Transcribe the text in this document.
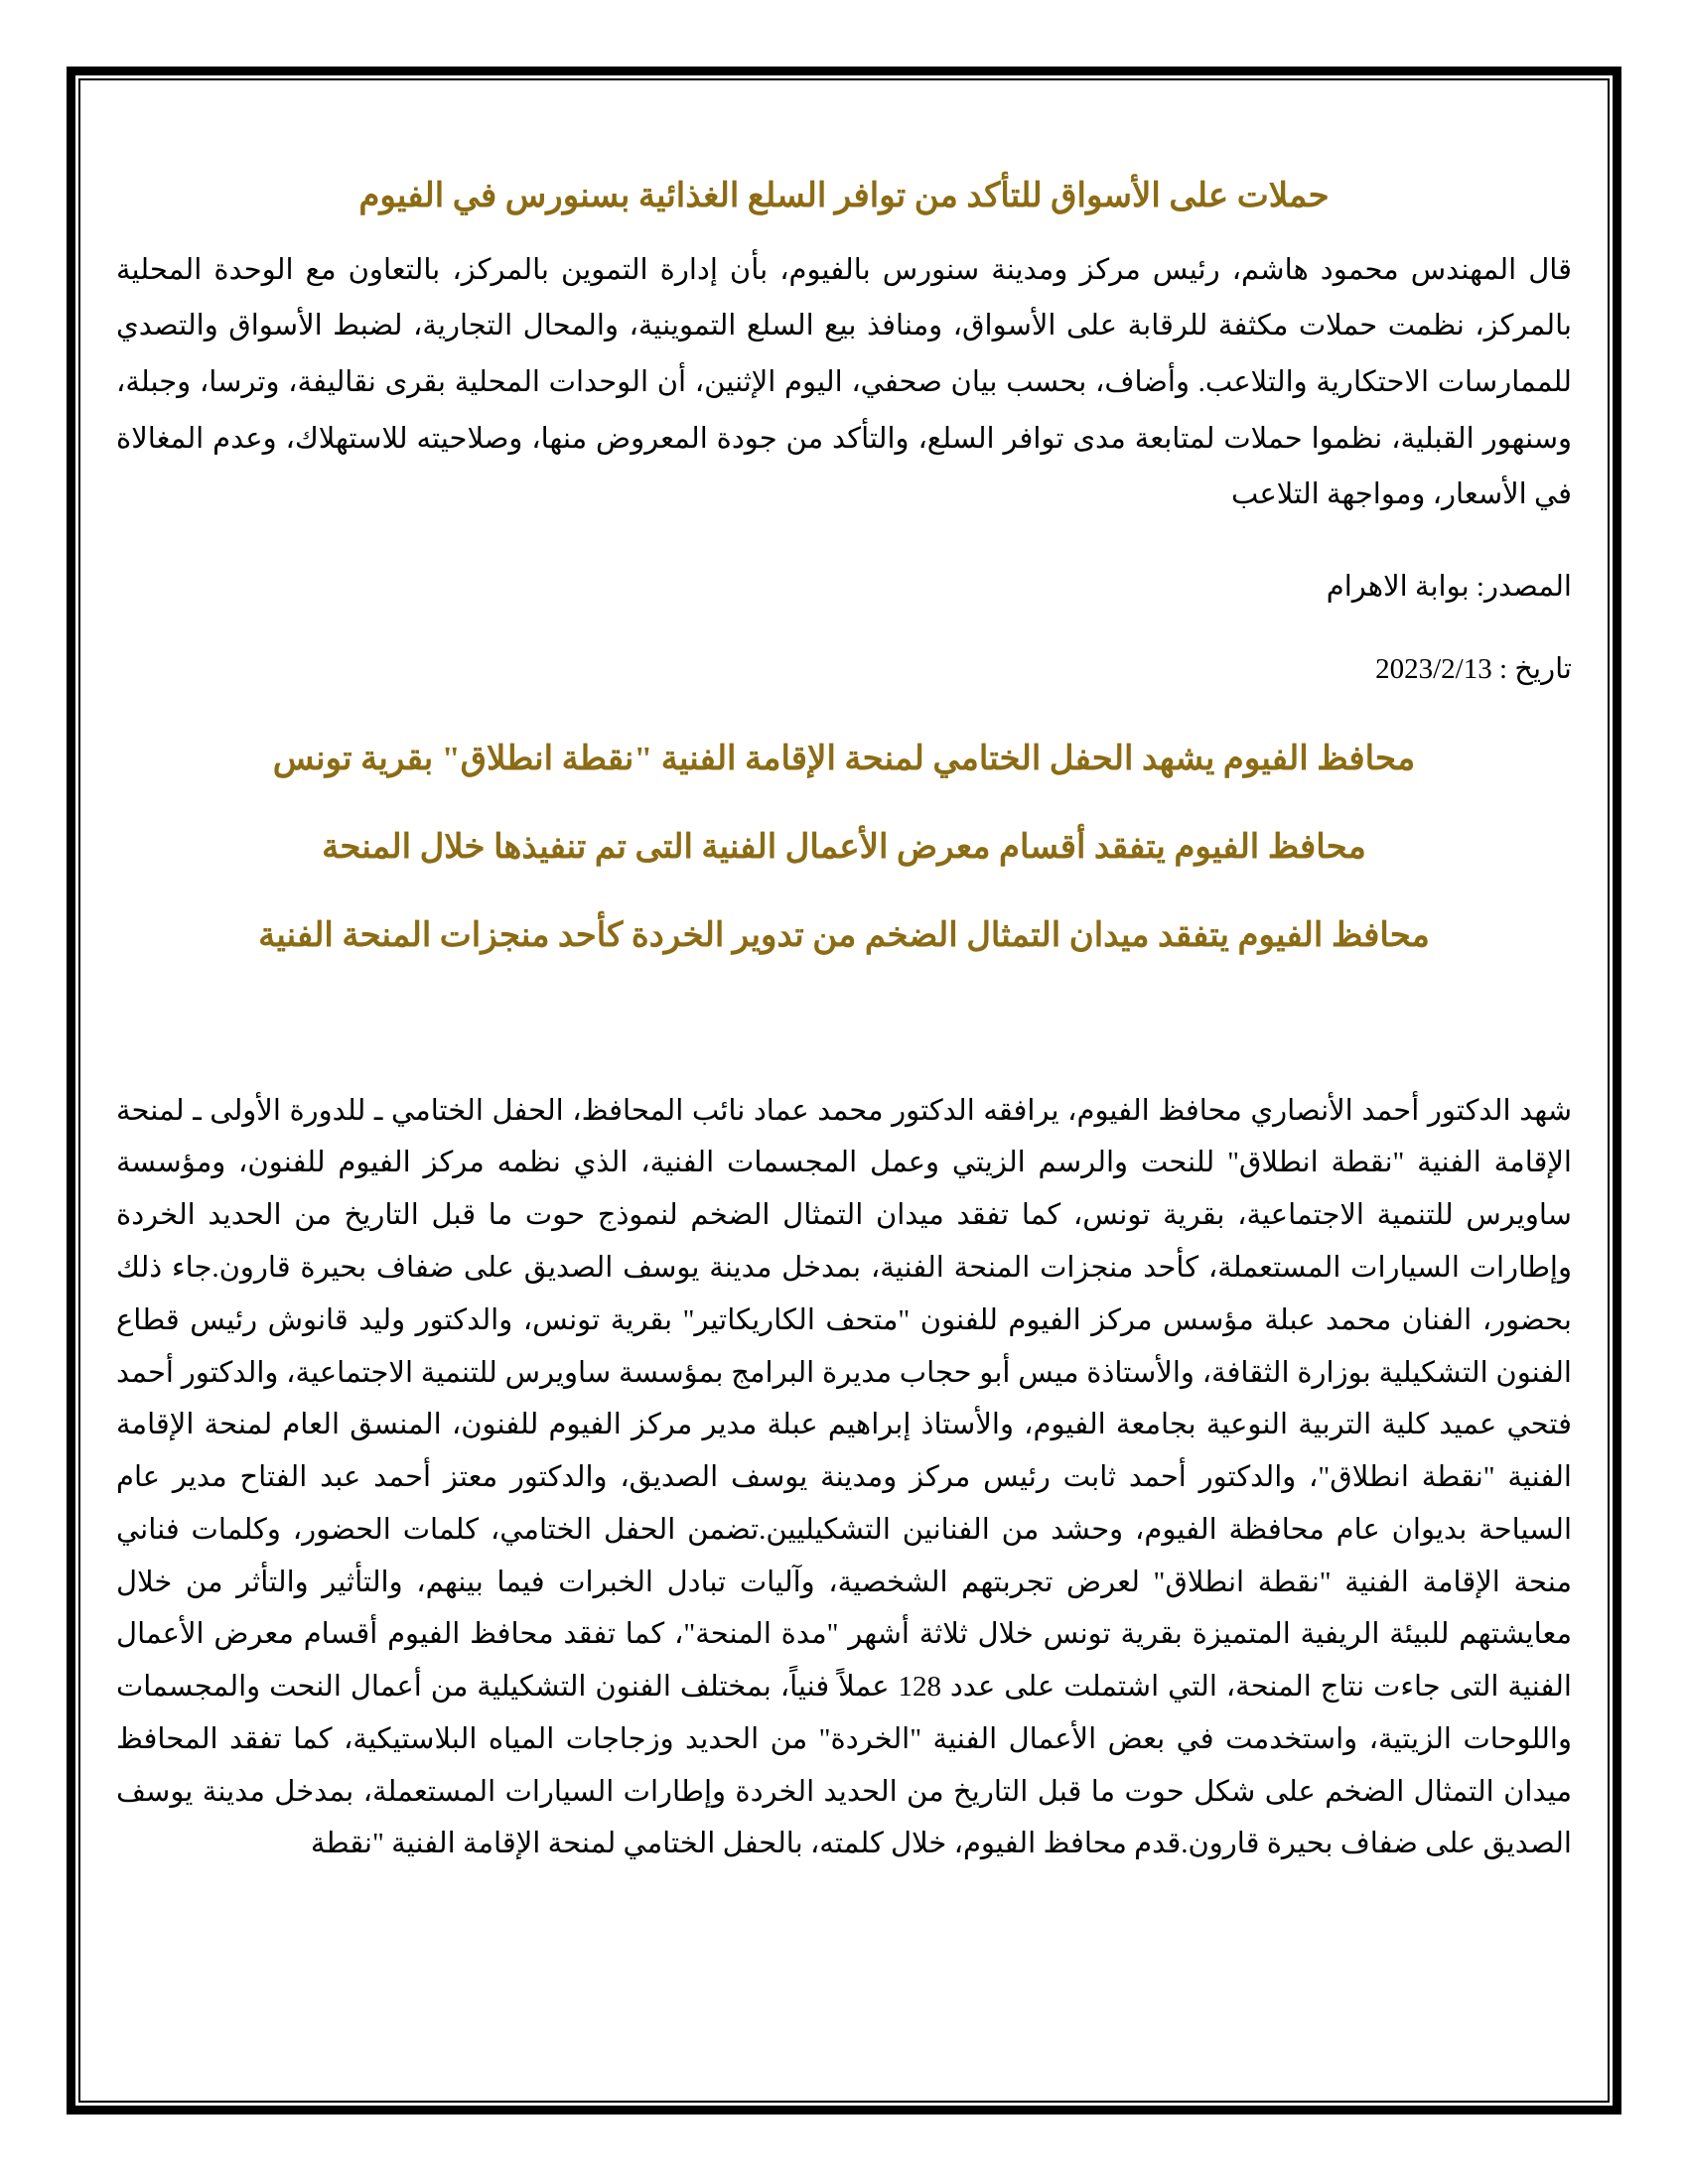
حملات على الأسواق للتأكد من توافر السلع الغذائية بسنورس في الفيوم

قال المهندس محمود هاشم، رئيس مركز ومدينة سنورس بالفيوم، بأن إدارة التموين بالمركز، بالتعاون مع الوحدة المحلية بالمركز، نظمت حملات مكثفة للرقابة على الأسواق، ومنافذ بيع السلع التموينية، والمحال التجارية، لضبط الأسواق والتصدي للممارسات الاحتكارية والتلاعب. وأضاف، بحسب بيان صحفي، اليوم الإثنين، أن الوحدات المحلية بقرى نقاليفة، وترسا، وجبلة، وسنهور القبلية، نظموا حملات لمتابعة مدى توافر السلع، والتأكد من جودة المعروض منها، وصلاحيته للاستهلاك، وعدم المغالاة في الأسعار، ومواجهة التلاعب

المصدر: بوابة الاهرام

تاريخ : 2023/2/13

محافظ الفيوم يشهد الحفل الختامي لمنحة الإقامة الفنية "نقطة انطلاق" بقرية تونس
محافظ الفيوم يتفقد أقسام معرض الأعمال الفنية التى تم تنفيذها خلال المنحة
محافظ الفيوم يتفقد ميدان التمثال الضخم من تدوير الخردة كأحد منجزات المنحة الفنية

شهد الدكتور أحمد الأنصاري محافظ الفيوم، يرافقه الدكتور محمد عماد نائب المحافظ، الحفل الختامي ـ للدورة الأولى ـ لمنحة الإقامة الفنية "نقطة انطلاق" للنحت والرسم الزيتي وعمل المجسمات الفنية، الذي نظمه مركز الفيوم للفنون، ومؤسسة ساويرس للتنمية الاجتماعية، بقرية تونس، كما تفقد ميدان التمثال الضخم لنموذج حوت ما قبل التاريخ من الحديد الخردة وإطارات السيارات المستعملة، كأحد منجزات المنحة الفنية، بمدخل مدينة يوسف الصديق على ضفاف بحيرة قارون.جاء ذلك بحضور، الفنان محمد عبلة مؤسس مركز الفيوم للفنون "متحف الكاريكاتير" بقرية تونس، والدكتور وليد قانوش رئيس قطاع الفنون التشكيلية بوزارة الثقافة، والأستاذة ميس أبو حجاب مديرة البرامج بمؤسسة ساويرس للتنمية الاجتماعية، والدكتور أحمد فتحي عميد كلية التربية النوعية بجامعة الفيوم، والأستاذ إبراهيم عبلة مدير مركز الفيوم للفنون، المنسق العام لمنحة الإقامة الفنية "نقطة انطلاق"، والدكتور أحمد ثابت رئيس مركز ومدينة يوسف الصديق، والدكتور معتز أحمد عبد الفتاح مدير عام السياحة بديوان عام محافظة الفيوم، وحشد من الفنانين التشكيليين.تضمن الحفل الختامي، كلمات الحضور، وكلمات فناني منحة الإقامة الفنية "نقطة انطلاق" لعرض تجربتهم الشخصية، وآليات تبادل الخبرات فيما بينهم، والتأثير والتأثر من خلال معايشتهم للبيئة الريفية المتميزة بقرية تونس خلال ثلاثة أشهر "مدة المنحة"، كما تفقد محافظ الفيوم أقسام معرض الأعمال الفنية التى جاءت نتاج المنحة، التي اشتملت على عدد 128 عملاً فنياً، بمختلف الفنون التشكيلية من أعمال النحت والمجسمات واللوحات الزيتية، واستخدمت في بعض الأعمال الفنية "الخردة" من الحديد وزجاجات المياه البلاستيكية، كما تفقد المحافظ ميدان التمثال الضخم على شكل حوت ما قبل التاريخ من الحديد الخردة وإطارات السيارات المستعملة، بمدخل مدينة يوسف الصديق على ضفاف بحيرة قارون.قدم محافظ الفيوم، خلال كلمته، بالحفل الختامي لمنحة الإقامة الفنية "نقطة
